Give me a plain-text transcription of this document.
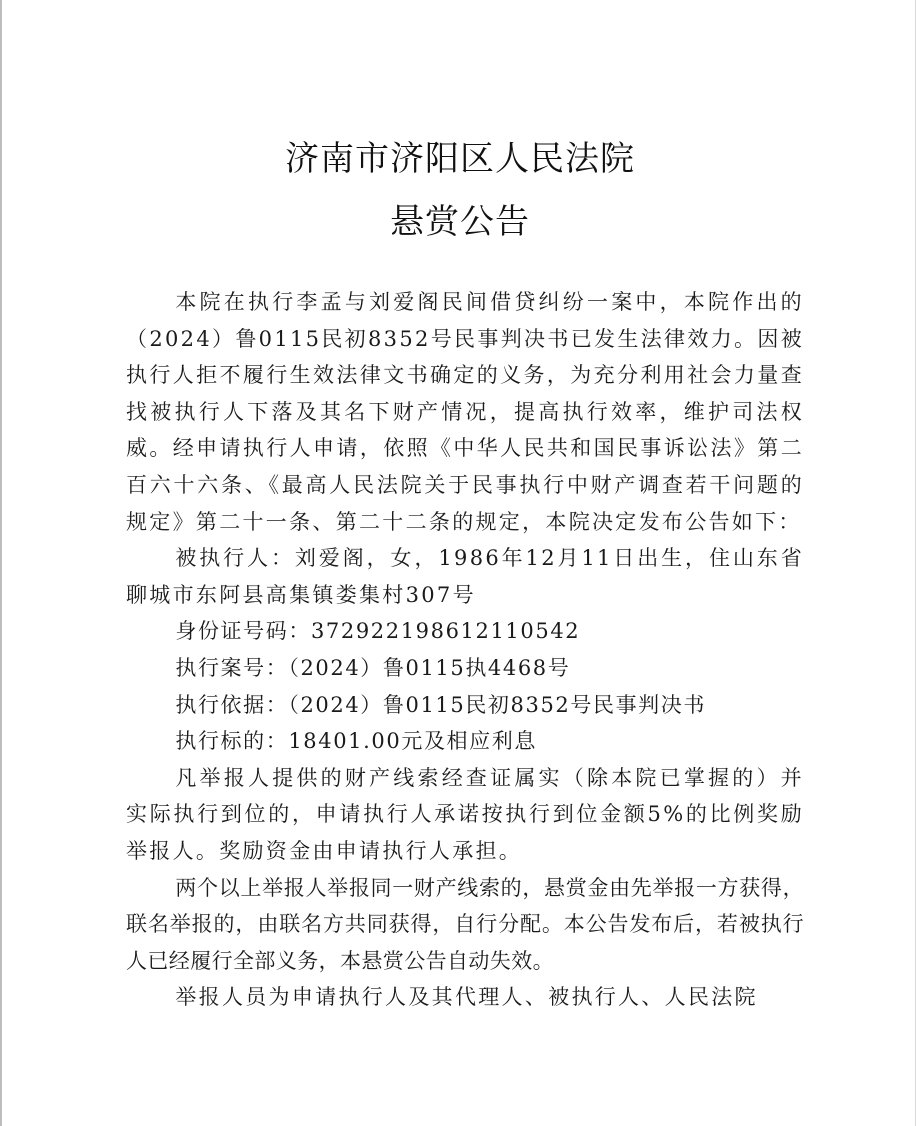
济南市济阳区人民法院
悬赏公告

本院在执行李孟与刘爱阁民间借贷纠纷一案中，本院作出的（2024）鲁0115民初8352号民事判决书已发生法律效力。因被执行人拒不履行生效法律文书确定的义务，为充分利用社会力量查找被执行人下落及其名下财产情况，提高执行效率，维护司法权威。经申请执行人申请，依照《中华人民共和国民事诉讼法》第二百六十六条、《最高人民法院关于民事执行中财产调查若干问题的规定》第二十一条、第二十二条的规定，本院决定发布公告如下：

被执行人：刘爱阁，女，1986年12月11日出生，住山东省聊城市东阿县高集镇娄集村307号

身份证号码：372922198612110542

执行案号：（2024）鲁0115执4468号

执行依据：（2024）鲁0115民初8352号民事判决书

执行标的：18401.00元及相应利息

凡举报人提供的财产线索经查证属实（除本院已掌握的）并实际执行到位的，申请执行人承诺按执行到位金额5%的比例奖励举报人。奖励资金由申请执行人承担。

两个以上举报人举报同一财产线索的，悬赏金由先举报一方获得，联名举报的，由联名方共同获得，自行分配。本公告发布后，若被执行人已经履行全部义务，本悬赏公告自动失效。

举报人员为申请执行人及其代理人、被执行人、人民法院
